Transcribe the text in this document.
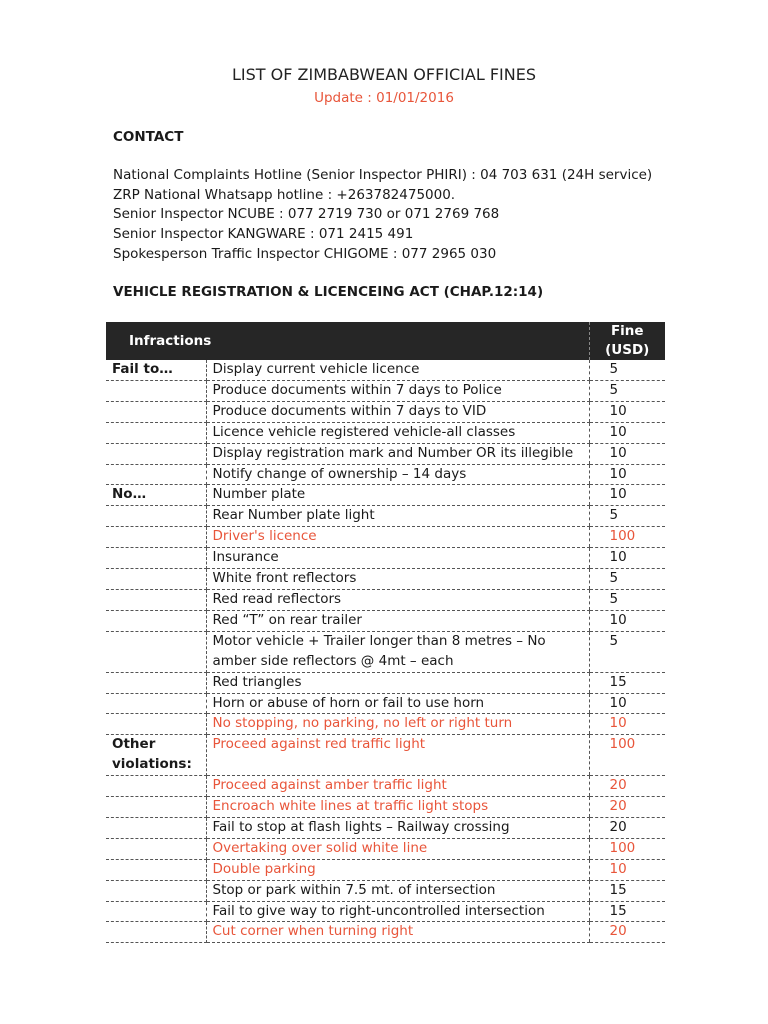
LIST OF ZIMBABWEAN OFFICIAL FINES
Update : 01/01/2016
CONTACT
National Complaints Hotline (Senior Inspector PHIRI) : 04 703 631 (24H service)
ZRP National Whatsapp hotline : +263782475000.
Senior Inspector NCUBE : 077 2719 730 or 071 2769 768
Senior Inspector KANGWARE : 071 2415 491
Spokesperson Traffic Inspector CHIGOME : 077 2965 030
VEHICLE REGISTRATION & LICENCEING ACT (CHAP.12:14)
Infractions		Fine (USD)
Fail to…	Display current vehicle licence	5
	Produce documents within 7 days to Police	5
	Produce documents within 7 days to VID	10
	Licence vehicle registered vehicle-all classes	10
	Display registration mark and Number OR its illegible	10
	Notify change of ownership – 14 days	10
No…	Number plate	10
	Rear Number plate light	5
	Driver's licence	100
	Insurance	10
	White front reflectors	5
	Red read reflectors	5
	Red “T” on rear trailer	10
	Motor vehicle + Trailer longer than 8 metres – No amber side reflectors @ 4mt – each	5
	Red triangles	15
	Horn or abuse of horn or fail to use horn	10
	No stopping, no parking, no left or right turn	10
Other violations:	Proceed against red traffic light	100
	Proceed against amber traffic light	20
	Encroach white lines at traffic light stops	20
	Fail to stop at flash lights – Railway crossing	20
	Overtaking over solid white line	100
	Double parking	10
	Stop or park within 7.5 mt. of intersection	15
	Fail to give way to right-uncontrolled intersection	15
	Cut corner when turning right	20
